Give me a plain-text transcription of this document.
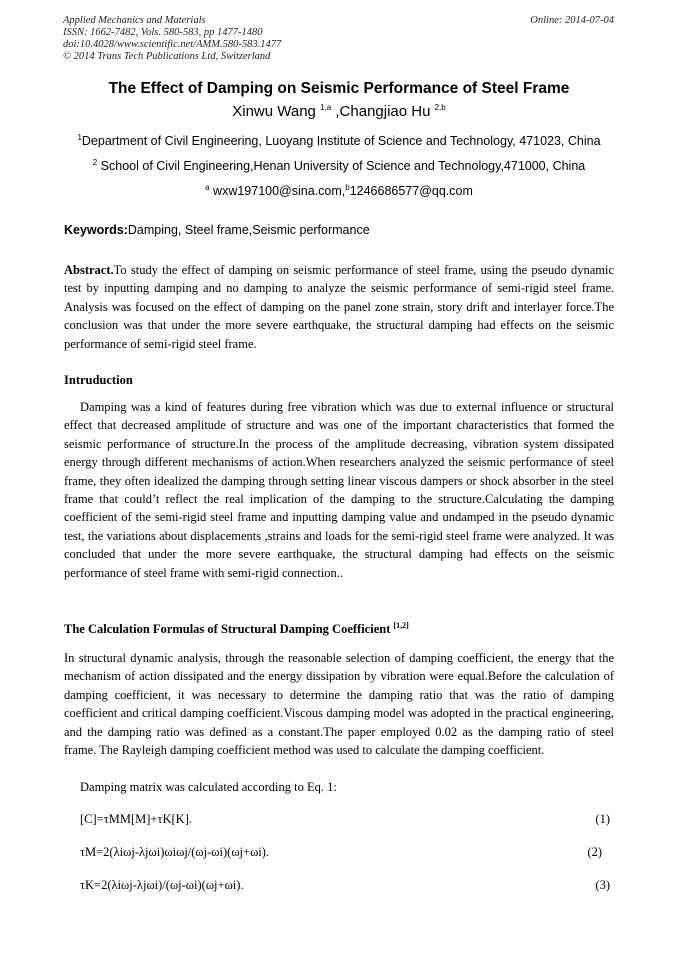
Applied Mechanics and Materials
ISSN: 1662-7482, Vols. 580-583, pp 1477-1480
doi:10.4028/www.scientific.net/AMM.580-583.1477
© 2014 Trans Tech Publications Ltd, Switzerland
Online: 2014-07-04
The Effect of Damping on Seismic Performance of Steel Frame
Xinwu Wang $^{1,a}$ ,Changjiao Hu $^{2,b}$
$^1$Department of Civil Engineering, Luoyang Institute of Science and Technology, 471023, China
$^2$ School of Civil Engineering,Henan University of Science and Technology,471000, China
$^a$ wxw197100@sina.com,$^b$1246686577@qq.com
Keywords:Damping, Steel frame,Seismic performance
Abstract.To study the effect of damping on seismic performance of steel frame, using the pseudo dynamic test by inputting damping and no damping to analyze the seismic performance of semi-rigid steel frame. Analysis was focused on the effect of damping on the panel zone strain, story drift and interlayer force.The conclusion was that under the more severe earthquake, the structural damping had effects on the seismic performance of semi-rigid steel frame.
Intruduction
Damping was a kind of features during free vibration which was due to external influence or structural effect that decreased amplitude of structure and was one of the important characteristics that formed the seismic performance of structure.In the process of the amplitude decreasing, vibration system dissipated energy through different mechanisms of action.When researchers analyzed the seismic performance of steel frame, they often idealized the damping through setting linear viscous dampers or shock absorber in the steel frame that could’t reflect the real implication of the damping to the structure.Calculating the damping coefficient of the semi-rigid steel frame and inputting damping value and undamped in the pseudo dynamic test, the variations about displacements ,strains and loads for the semi-rigid steel frame were analyzed. It was concluded that under the more severe earthquake, the structural damping had effects on the seismic performance of steel frame with semi-rigid connection..
The Calculation Formulas of Structural Damping Coefficient [1,2]
In structural dynamic analysis, through the reasonable selection of damping coefficient, the energy that the mechanism of action dissipated and the energy dissipation by vibration were equal.Before the calculation of damping coefficient, it was necessary to determine the damping ratio that was the ratio of damping coefficient and critical damping coefficient.Viscous damping model was adopted in the practical engineering, and the damping ratio was defined as a constant.The paper employed 0.02 as the damping ratio of steel frame. The Rayleigh damping coefficient method was used to calculate the damping coefficient.
Damping matrix was calculated according to Eq. 1:
[C]=τMM[M]+τK[K].	(1)
τM=2(λiωj-λjωi)ωiωj/(ωj-ωi)(ωj+ωi).	(2)
τK=2(λiωj-λjωi)/(ωj-ωi)(ωj+ωi).	(3)
